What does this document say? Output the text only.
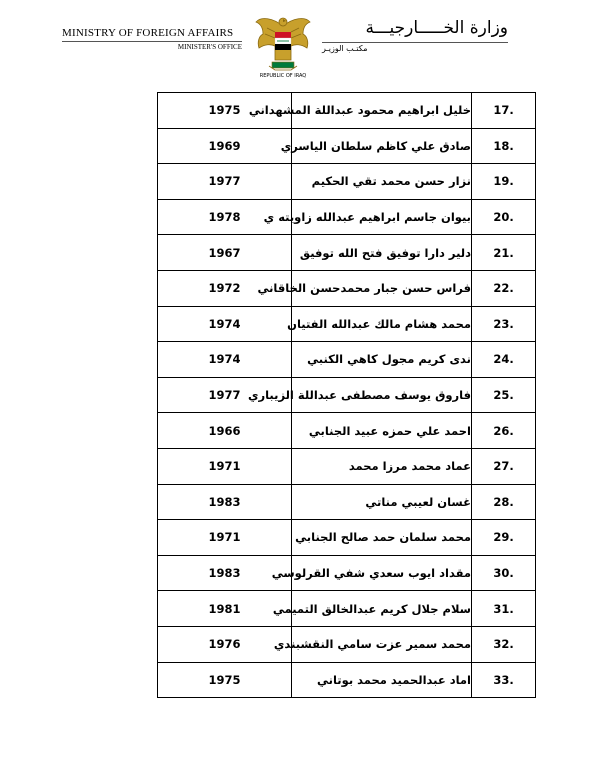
MINISTRY OF FOREIGN AFFAIRS
MINISTER'S OFFICE
REPUBLIC OF IRAQ
وزارة الخـــــارجيـــة
مكتـب الوزيـر
1975	خليل ابراهيم محمود عبداللة المشهداني	17.
1969	صادق علي كاظم سلطان الياسري	18.
1977	نزار حسن محمد تقي الحكيم	19.
1978	بيوان جاسم ابراهيم عبدالله زاويته ي	20.
1967	دلير دارا توفيق فتح الله توفيق	21.
1972	فراس حسن جبار محمدحسن الخاقاني	22.
1974	محمد هشام مالك عبدالله الفتيان	23.
1974	ندى كريم مجول كاهي الكنبي	24.
1977	فاروق يوسف مصطفى عبداللة الزيباري	25.
1966	احمد علي حمزه عبيد الجنابي	26.
1971	عماد محمد مرزا محمد	27.
1983	غسان لعيبي مناتي	28.
1971	محمد سلمان حمد صالح الجنابي	29.
1983	مقداد ايوب سعدي شفي القرلوسي	30.
1981	سلام جلال كريم عبدالخالق التميمي	31.
1976	محمد سمير عزت سامي النقشبندي	32.
1975	اماد عبدالحميد محمد بوتاني	33.
